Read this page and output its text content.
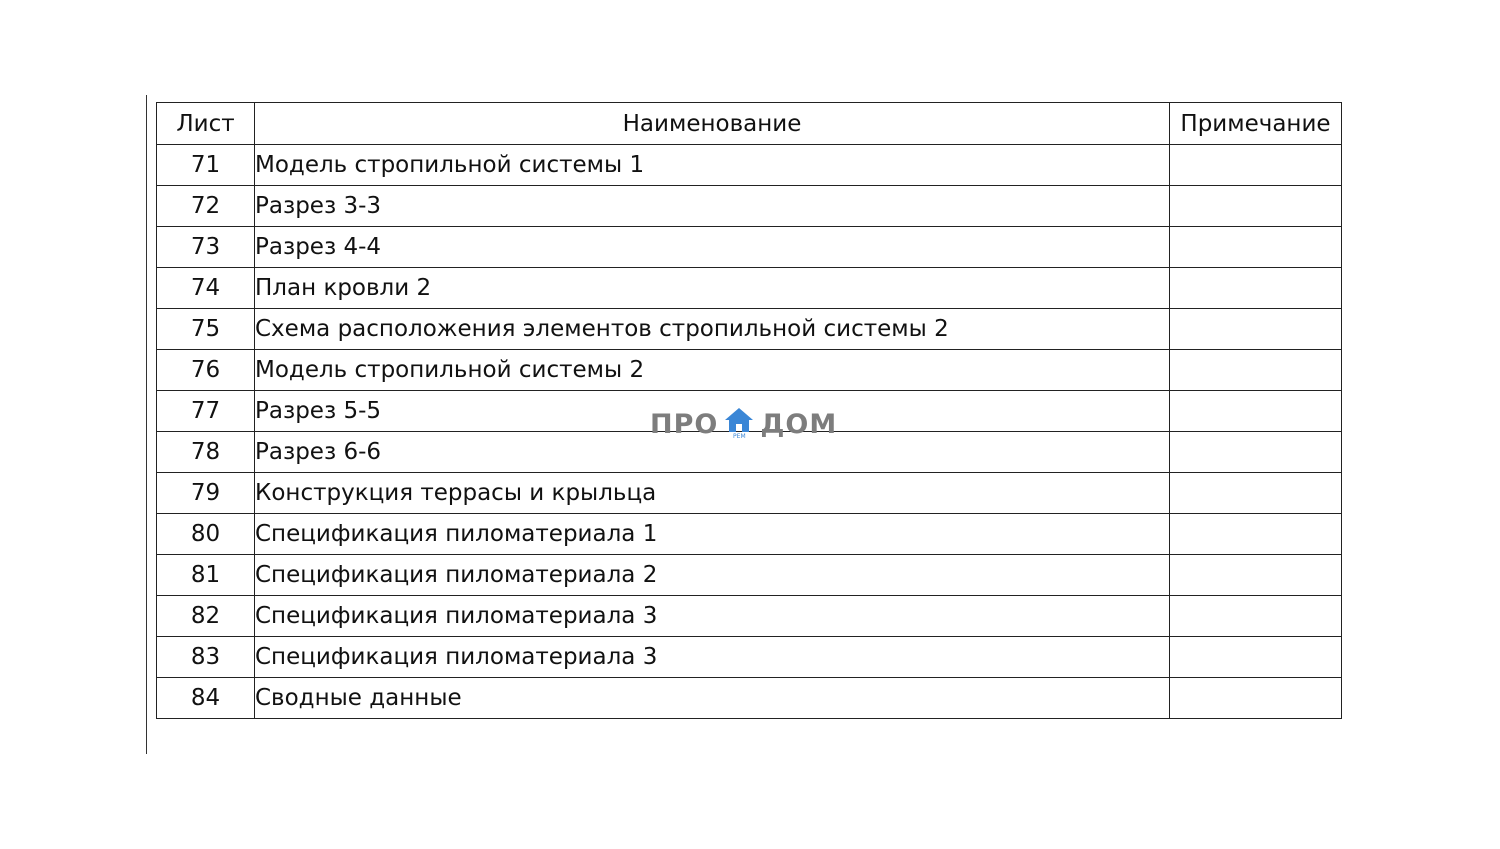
Лист	Наименование	Примечание
71	Модель стропильной системы 1	
72	Разрез 3-3	
73	Разрез 4-4	
74	План кровли 2	
75	Схема расположения элементов стропильной системы 2	
76	Модель стропильной системы 2	
77	Разрез 5-5	
78	Разрез 6-6	
79	Конструкция террасы и крыльца	
80	Спецификация пиломатериала 1	
81	Спецификация пиломатериала 2	
82	Спецификация пиломатериала 3	
83	Спецификация пиломатериала 3	
84	Сводные данные	
ПРО	РЕМ ДОМ
